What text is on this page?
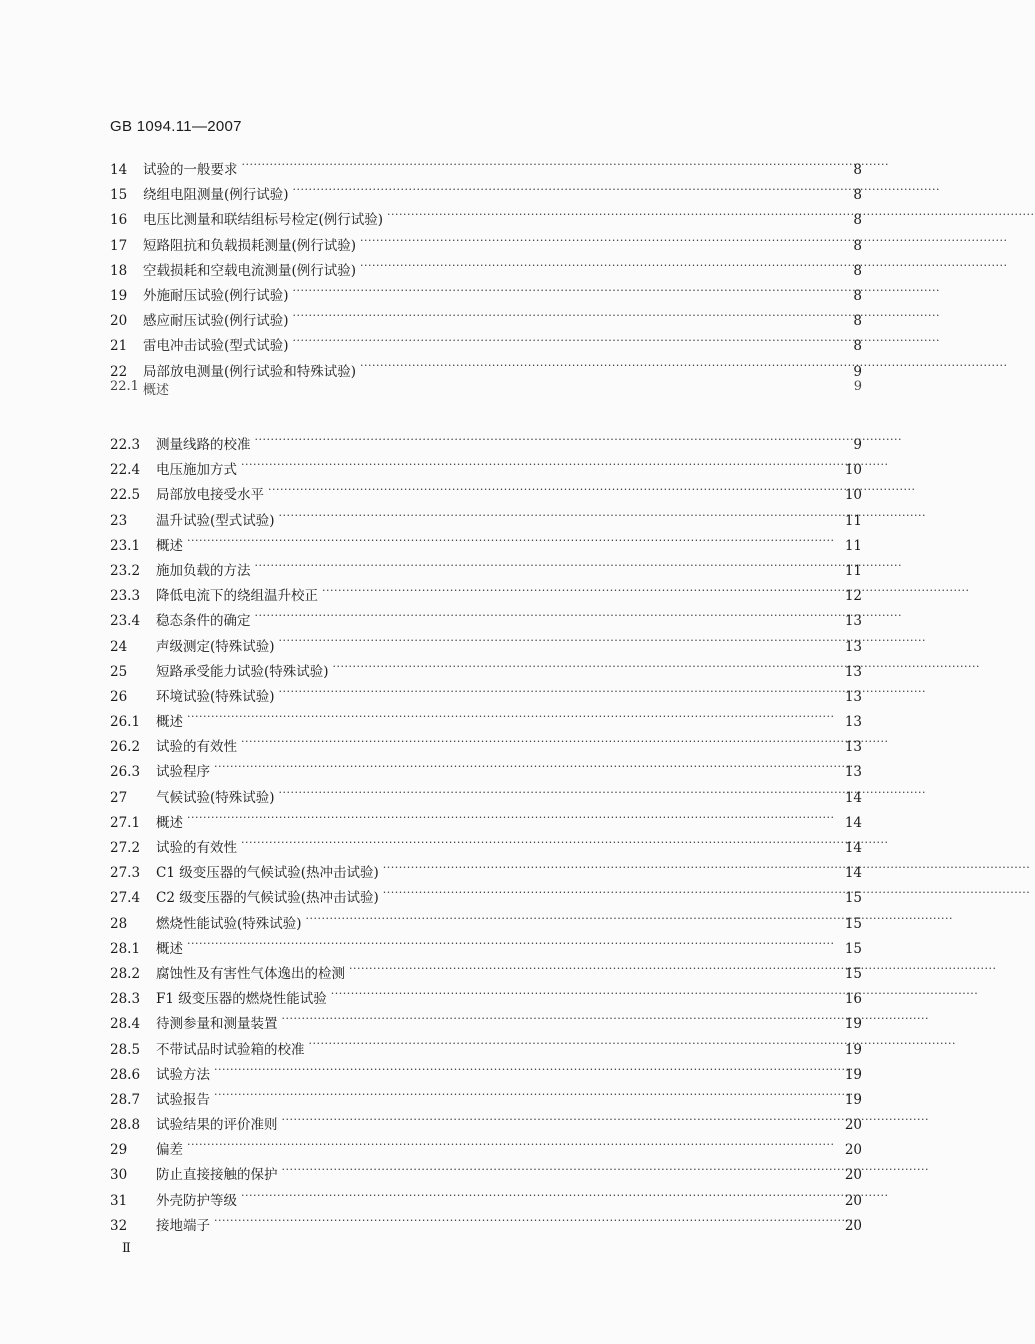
GB 1094.11—2007
14	试验的一般要求 ·····	8
15	绕组电阻测量(例行试验) ·····	8
16	电压比测量和联结组标号检定(例行试验) ·····	8
17	短路阻抗和负载损耗测量(例行试验) ·····	8
18	空载损耗和空载电流测量(例行试验) ·····	8
19	外施耐压试验(例行试验) ·····	8
20	感应耐压试验(例行试验) ·····	8
21	雷电冲击试验(型式试验) ·····	8
22	局部放电测量(例行试验和特殊试验) ·····	9
22.1 概述	9
22.3	测量线路的校准 ·····	9
22.4	电压施加方式 ·····	10
22.5	局部放电接受水平 ·····	10
23	温升试验(型式试验) ·····	11
23.1	概述 ·····	11
23.2	施加负载的方法 ·····	11
23.3	降低电流下的绕组温升校正 ·····	12
23.4	稳态条件的确定 ·····	13
24	声级测定(特殊试验) ·····	13
25	短路承受能力试验(特殊试验) ·····	13
26	环境试验(特殊试验) ·····	13
26.1	概述 ·····	13
26.2	试验的有效性 ·····	13
26.3	试验程序 ·····	13
27	气候试验(特殊试验) ·····	14
27.1	概述 ·····	14
27.2	试验的有效性 ·····	14
27.3	C1 级变压器的气候试验(热冲击试验) ·····	14
27.4	C2 级变压器的气候试验(热冲击试验) ·····	15
28	燃烧性能试验(特殊试验) ·····	15
28.1	概述 ·····	15
28.2	腐蚀性及有害性气体逸出的检测 ·····	15
28.3	F1 级变压器的燃烧性能试验 ·····	16
28.4	待测参量和测量装置 ·····	19
28.5	不带试品时试验箱的校准 ·····	19
28.6	试验方法 ·····	19
28.7	试验报告 ·····	19
28.8	试验结果的评价准则 ·····	20
29	偏差 ·····	20
30	防止直接接触的保护 ·····	20
31	外壳防护等级 ·····	20
32	接地端子 ·····	20
Ⅱ
